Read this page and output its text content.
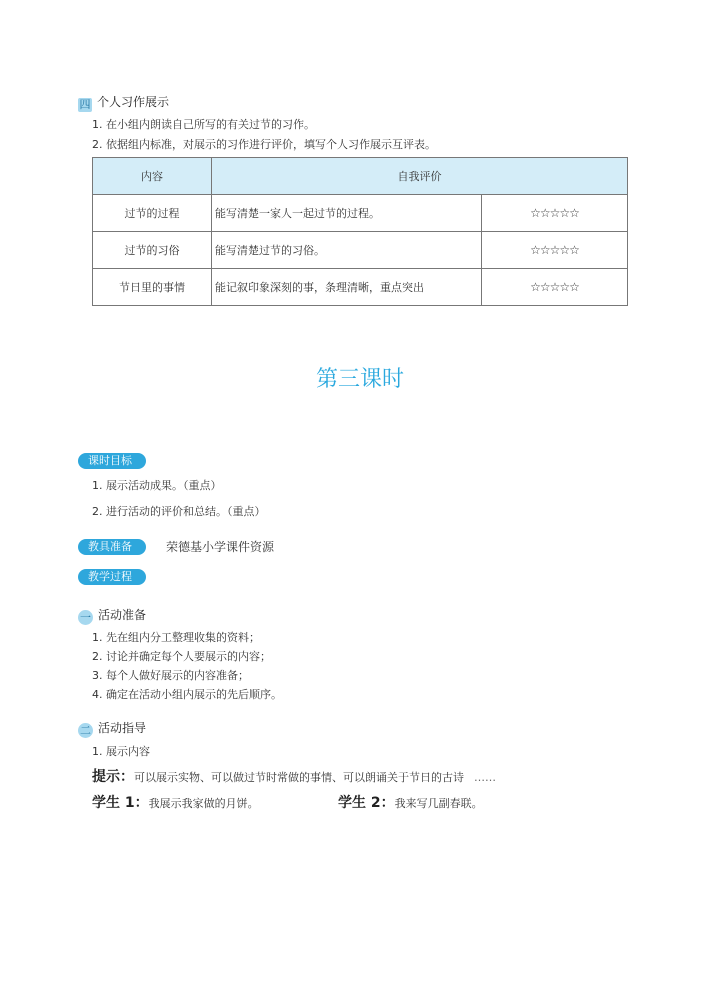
四 个人习作展示
1. 在小组内朗读自己所写的有关过节的习作。
2. 依据组内标准，对展示的习作进行评价，填写个人习作展示互评表。
内容	自我评价	
过节的过程	能写清楚一家人一起过节的过程。	☆☆☆☆☆
过节的习俗	能写清楚过节的习俗。	☆☆☆☆☆
节日里的事情	能记叙印象深刻的事，条理清晰，重点突出	☆☆☆☆☆
第三课时
课时目标
1. 展示活动成果。（重点）
2. 进行活动的评价和总结。（重点）
教具准备	荣德基小学课件资源
教学过程
一 活动准备
1. 先在组内分工整理收集的资料；
2. 讨论并确定每个人要展示的内容；
3. 每个人做好展示的内容准备；
4. 确定在活动小组内展示的先后顺序。
二 活动指导
1. 展示内容
提示：可以展示实物、可以做过节时常做的事情、可以朗诵关于节日的古诗 ……
学生 1：我展示我家做的月饼。	学生 2：我来写几副春联。
